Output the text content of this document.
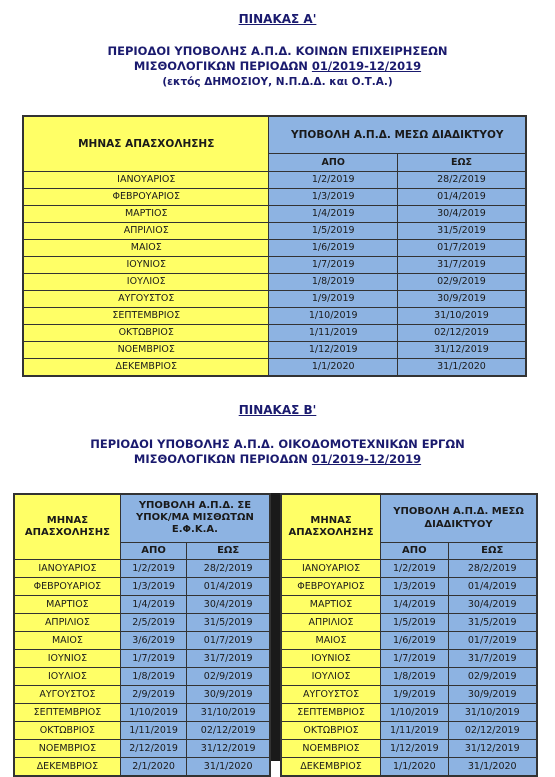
ΠΙΝΑΚΑΣ Α'
ΠΕΡΙΟΔΟΙ ΥΠΟΒΟΛΗΣ Α.Π.Δ. ΚΟΙΝΩΝ ΕΠΙΧΕΙΡΗΣΕΩΝ
ΜΙΣΘΟΛΟΓΙΚΩΝ ΠΕΡΙΟΔΩΝ 01/2019-12/2019
(εκτός ΔΗΜΟΣΙΟΥ, Ν.Π.Δ.Δ. και Ο.Τ.Α.)
ΜΗΝΑΣ ΑΠΑΣΧΟΛΗΣΗΣ	ΥΠΟΒΟΛΗ Α.Π.Δ. ΜΕΣΩ ΔΙΑΔΙΚΤΥΟΥ	
	ΑΠΟ	ΕΩΣ
ΙΑΝΟΥΑΡΙΟΣ	1/2/2019	28/2/2019
ΦΕΒΡΟΥΑΡΙΟΣ	1/3/2019	01/4/2019
ΜΑΡΤΙΟΣ	1/4/2019	30/4/2019
ΑΠΡΙΛΙΟΣ	1/5/2019	31/5/2019
ΜΑΙΟΣ	1/6/2019	01/7/2019
ΙΟΥΝΙΟΣ	1/7/2019	31/7/2019
ΙΟΥΛΙΟΣ	1/8/2019	02/9/2019
ΑΥΓΟΥΣΤΟΣ	1/9/2019	30/9/2019
ΣΕΠΤΕΜΒΡΙΟΣ	1/10/2019	31/10/2019
ΟΚΤΩΒΡΙΟΣ	1/11/2019	02/12/2019
ΝΟΕΜΒΡΙΟΣ	1/12/2019	31/12/2019
ΔΕΚΕΜΒΡΙΟΣ	1/1/2020	31/1/2020
ΠΙΝΑΚΑΣ Β'
ΠΕΡΙΟΔΟΙ ΥΠΟΒΟΛΗΣ Α.Π.Δ. ΟΙΚΟΔΟΜΟΤΕΧΝΙΚΩΝ ΕΡΓΩΝ
ΜΙΣΘΟΛΟΓΙΚΩΝ ΠΕΡΙΟΔΩΝ 01/2019-12/2019
ΜΗΝΑΣ
ΑΠΑΣΧΟΛΗΣΗΣ	ΥΠΟΒΟΛΗ Α.Π.Δ. ΣΕ ΥΠΟΚ/ΜΑ ΜΙΣΘΩΤΩΝ Ε.Φ.Κ.Α.	
	ΑΠΟ	ΕΩΣ
ΙΑΝΟΥΑΡΙΟΣ	1/2/2019	28/2/2019
ΦΕΒΡΟΥΑΡΙΟΣ	1/3/2019	01/4/2019
ΜΑΡΤΙΟΣ	1/4/2019	30/4/2019
ΑΠΡΙΛΙΟΣ	2/5/2019	31/5/2019
ΜΑΙΟΣ	3/6/2019	01/7/2019
ΙΟΥΝΙΟΣ	1/7/2019	31/7/2019
ΙΟΥΛΙΟΣ	1/8/2019	02/9/2019
ΑΥΓΟΥΣΤΟΣ	2/9/2019	30/9/2019
ΣΕΠΤΕΜΒΡΙΟΣ	1/10/2019	31/10/2019
ΟΚΤΩΒΡΙΟΣ	1/11/2019	02/12/2019
ΝΟΕΜΒΡΙΟΣ	2/12/2019	31/12/2019
ΔΕΚΕΜΒΡΙΟΣ	2/1/2020	31/1/2020
ΜΗΝΑΣ
ΑΠΑΣΧΟΛΗΣΗΣ	ΥΠΟΒΟΛΗ Α.Π.Δ. ΜΕΣΩ ΔΙΑΔΙΚΤΥΟΥ	
	ΑΠΟ	ΕΩΣ
ΙΑΝΟΥΑΡΙΟΣ	1/2/2019	28/2/2019
ΦΕΒΡΟΥΑΡΙΟΣ	1/3/2019	01/4/2019
ΜΑΡΤΙΟΣ	1/4/2019	30/4/2019
ΑΠΡΙΛΙΟΣ	1/5/2019	31/5/2019
ΜΑΙΟΣ	1/6/2019	01/7/2019
ΙΟΥΝΙΟΣ	1/7/2019	31/7/2019
ΙΟΥΛΙΟΣ	1/8/2019	02/9/2019
ΑΥΓΟΥΣΤΟΣ	1/9/2019	30/9/2019
ΣΕΠΤΕΜΒΡΙΟΣ	1/10/2019	31/10/2019
ΟΚΤΩΒΡΙΟΣ	1/11/2019	02/12/2019
ΝΟΕΜΒΡΙΟΣ	1/12/2019	31/12/2019
ΔΕΚΕΜΒΡΙΟΣ	1/1/2020	31/1/2020
